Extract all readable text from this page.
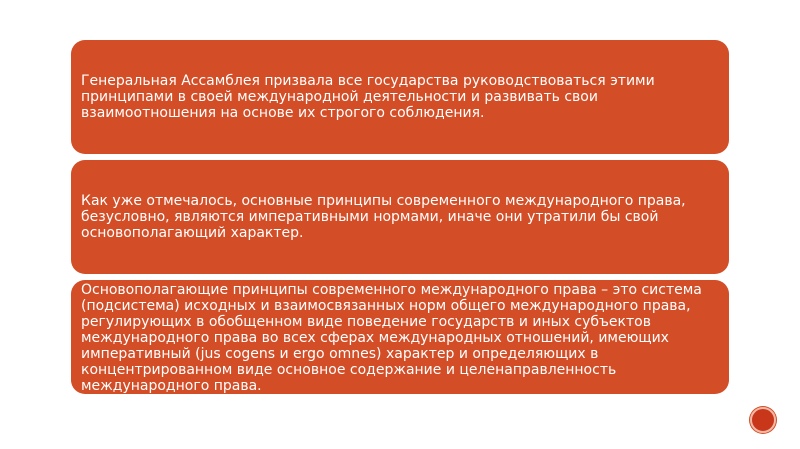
Генеральная Ассамблея призвала все государства руководствоваться этими принципами в своей международной деятельности и развивать свои взаимоотношения на основе их строгого соблюдения.

Как уже отмечалось, основные принципы современного международного права, безусловно, являются императивными нормами, иначе они утратили бы свой основополагающий характер.

Основополагающие принципы современного международного права – это система (подсистема) исходных и взаимосвязанных норм общего международного права, регулирующих в обобщенном виде поведение государств и иных субъектов международного права во всех сферах международных отношений, имеющих императивный (jus cogens и ergo omnes) характер и определяющих в концентрированном виде основное содержание и целенаправленность международного права.
